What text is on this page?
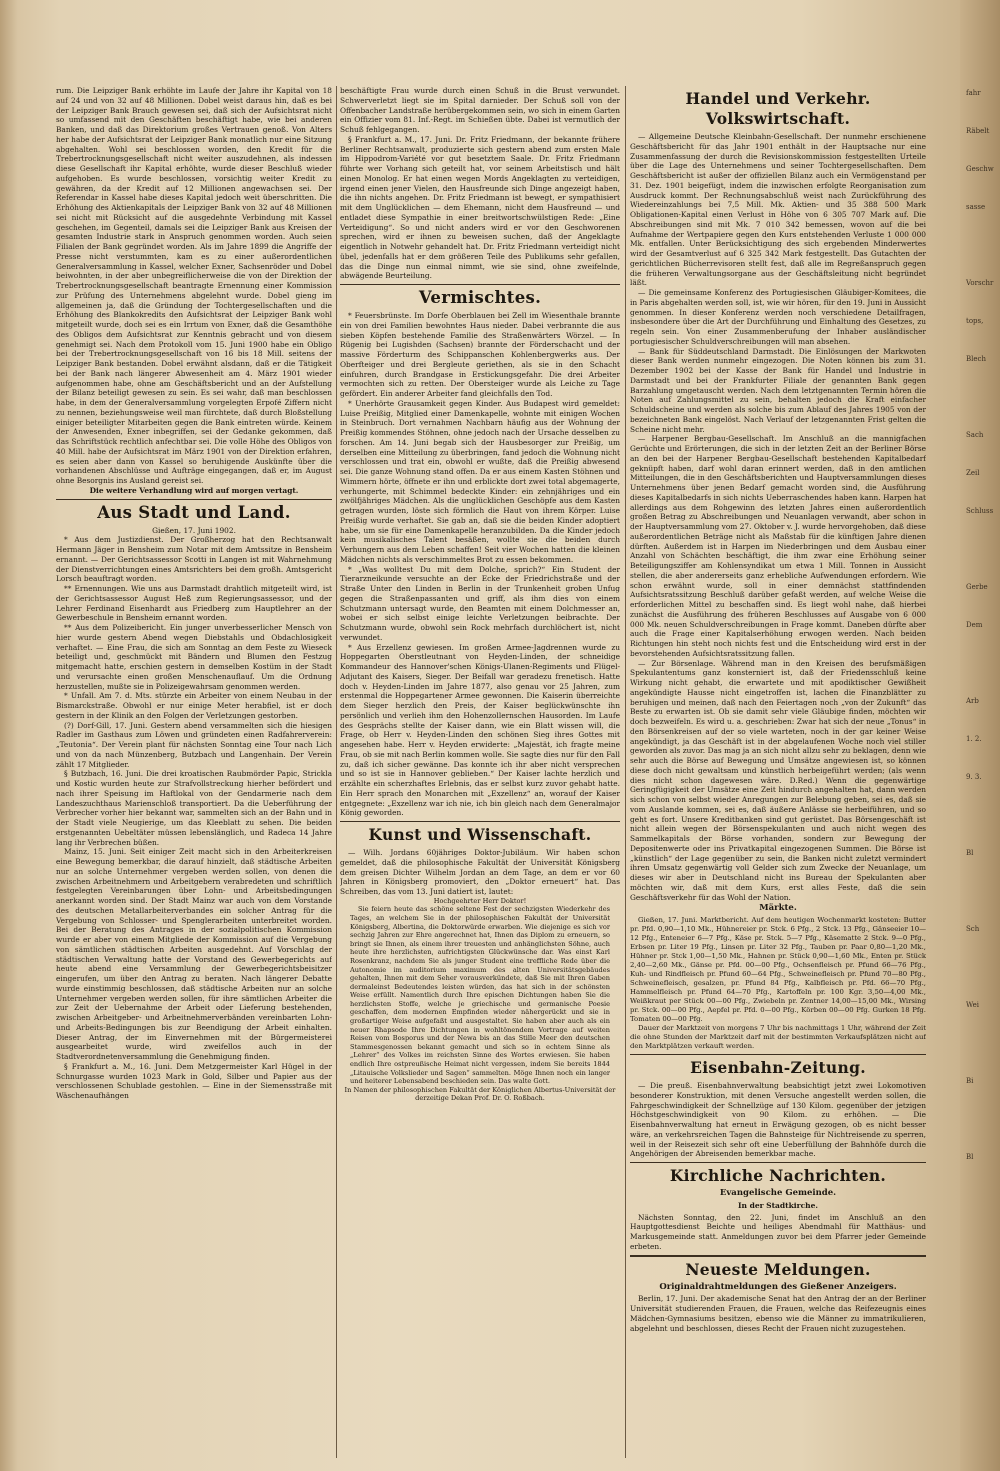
rum. Die Leipziger Bank erhöhte im Laufe der Jahre ihr Kapital von 18 auf 24 und von 32 auf 48 Millionen. Dobel weist daraus hin, daß es bei der Leipziger Bank Brauch gewesen sei, daß sich der Aufsichtsrat nicht so umfassend mit den Geschäften beschäftigt habe, wie bei anderen Banken, und daß das Direktorium großes Vertrauen genoß. Von Alters her habe der Aufsichtsrat der Leipziger Bank monatlich nur eine Sitzung abgehalten. Wohl sei beschlossen worden, den Kredit für die Trebertrocknungsgesellschaft nicht weiter auszudehnen, als indessen diese Gesellschaft ihr Kapital erhöhte, wurde dieser Beschluß wieder aufgehoben. Es wurde beschlossen, vorsichtig weiter Kredit zu gewähren, da der Kredit auf 12 Millionen angewachsen sei. Der Referendar in Kassel habe dieses Kapital jedoch weit überschritten. Die Erhöhung des Aktienkapitals der Leipziger Bank von 32 auf 48 Millionen sei nicht mit Rücksicht auf die ausgedehnte Verbindung mit Kassel geschehen, im Gegenteil, damals sei die Leipziger Bank aus Kreisen der gesamten Industrie stark in Anspruch genommen worden. Auch seien Filialen der Bank gegründet worden. Als im Jahre 1899 die Angriffe der Presse nicht verstummten, kam es zu einer außerordentlichen Generalversammlung in Kassel, welcher Exner, Sachsenröder und Dobel beiwohnten, in der aber unbegreiflicherweise die von der Direktion der Trebertrocknungsgesellschaft beantragte Ernennung einer Kommission zur Prüfung des Unternehmens abgelehnt wurde. Dobel gieng im allgemeinen ja, daß die Gründung der Tochtergesellschaften und die Erhöhung des Blankokredits den Aufsichtsrat der Leipziger Bank wohl mitgeteilt wurde, doch sei es ein Irrtum von Exner, daß die Gesamthöhe des Obligos dem Aufsichtsrat zur Kenntnis gebracht und von diesem genehmigt sei. Nach dem Protokoll vom 15. Juni 1900 habe ein Obligo bei der Trebertrocknungsgesellschaft von 16 bis 18 Mill. seitens der Leipziger Bank bestanden. Dobel erwähnt alsdann, daß er die Tätigkeit bei der Bank nach längerer Abwesenheit am 4. März 1901 wieder aufgenommen habe, ohne am Geschäftsbericht und an der Aufstellung der Bilanz beteiligt gewesen zu sein. Es sei wahr, daß man beschlossen habe, in dem der Generalversammlung vorgelegten Erpofé Ziffern nicht zu nennen, beziehungsweise weil man fürchtete, daß durch Bloßstellung einiger beteiligter Mitarbeiten gegen die Bank eintreten würde. Keinem der Anwesenden, Exner inbegriffen, sei der Gedanke gekommen, daß das Schriftstück rechtlich anfechtbar sei. Die volle Höhe des Obligos von 40 Mill. habe der Aufsichtsrat im März 1901 von der Direktion erfahren, es seien aber dann von Kassel so beruhigende Auskünfte über die vorhandenen Abschlüsse und Aufträge eingegangen, daß er, im August ohne Besorgnis ins Ausland gereist sei.

Die weitere Verhandlung wird auf morgen vertagt.

Aus Stadt und Land.

Gießen, 17. Juni 1902.

* Aus dem Justizdienst. Der Großherzog hat den Rechtsanwalt Hermann Jäger in Bensheim zum Notar mit dem Amtssitze in Bensheim ernannt. — Der Gerichtsassessor Scotti in Langen ist mit Wahrnehmung der Dienstverrichtungen eines Amtsrichters bei dem großh. Amtsgericht Lorsch beauftragt worden.

** Ernennungen. Wie uns aus Darmstadt drahtlich mitgeteilt wird, ist der Gerichtsassessor August Heß zum Regierungsassessor, und der Lehrer Ferdinand Eisenhardt aus Friedberg zum Hauptlehrer an der Gewerbeschule in Bensheim ernannt worden.

** Aus dem Polizeibericht. Ein junger unverbesserlicher Mensch von hier wurde gestern Abend wegen Diebstahls und Obdachlosigkeit verhaftet. — Eine Frau, die sich am Sonntag an dem Feste zu Wieseck beteiligt und, geschmückt mit Bändern und Blumen den Festzug mitgemacht hatte, erschien gestern in demselben Kostüm in der Stadt und verursachte einen großen Menschenauflauf. Um die Ordnung herzustellen, mußte sie in Polizeigewahrsam genommen werden.

* Unfall. Am 7. d. Mts. stürzte ein Arbeiter von einem Neubau in der Bismarckstraße. Obwohl er nur einige Meter herabfiel, ist er doch gestern in der Klinik an den Folgen der Verletzungen gestorben.

(?) Dorf-Gill, 17. Juni. Gestern abend versammelten sich die hiesigen Radler im Gasthaus zum Löwen und gründeten einen Radfahrerverein: „Teutonia“. Der Verein plant für nächsten Sonntag eine Tour nach Lich und von da nach Münzenberg, Butzbach und Langenhain. Der Verein zählt 17 Mitglieder.

§ Butzbach, 16. Juni. Die drei kroatischen Raubmörder Papic, Strickla und Kostic wurden heute zur Strafvollstreckung hierher befördert und nach ihrer Speisung im Haftlokal von der Gendarmerie nach dem Landeszuchthaus Marienschloß transportiert. Da die Ueberführung der Verbrecher vorher hier bekannt war, sammelten sich an der Bahn und in der Stadt viele Neugierige, um das Kleeblatt zu sehen. Die beiden erstgenannten Uebeltäter müssen lebenslänglich, und Radeca 14 Jahre lang ihr Verbrechen büßen.

Mainz, 15. Juni. Seit einiger Zeit macht sich in den Arbeiterkreisen eine Bewegung bemerkbar, die darauf hinzielt, daß städtische Arbeiten nur an solche Unternehmer vergeben werden sollen, von denen die zwischen Arbeitnehmern und Arbeitgebern verabredeten und schriftlich festgelegten Vereinbarungen über Lohn- und Arbeitsbedingungen anerkannt worden sind. Der Stadt Mainz war auch von dem Vorstande des deutschen Metallarbeiterverbandes ein solcher Antrag für die Vergebung von Schlosser- und Spenglerarbeiten unterbreitet worden. Bei der Beratung des Antrages in der sozialpolitischen Kommission wurde er aber von einem Mitgliede der Kommission auf die Vergebung von sämtlichen städtischen Arbeiten ausgedehnt. Auf Vorschlag der städtischen Verwaltung hatte der Vorstand des Gewerbegerichts auf heute abend eine Versammlung der Gewerbegerichtsbeisitzer eingerufen, um über den Antrag zu beraten. Nach längerer Debatte wurde einstimmig beschlossen, daß städtische Arbeiten nur an solche Unternehmer vergeben werden sollen, für ihre sämtlichen Arbeiter die zur Zeit der Uebernahme der Arbeit oder Lieferung bestehenden, zwischen Arbeitgeber- und Arbeitnehmerverbänden vereinbarten Lohn- und Arbeits-Bedingungen bis zur Beendigung der Arbeit einhalten. Dieser Antrag, der im Einvernehmen mit der Bürgermeisterei ausgearbeitet wurde, wird zweifellos auch in der Stadtverordnetenversammlung die Genehmigung finden.

§ Frankfurt a. M., 16. Juni. Dem Metzgermeister Karl Hügel in der Schnurgasse wurden 1023 Mark in Gold, Silber und Papier aus der verschlossenen Schublade gestohlen. — Eine in der Siemensstraße mit Wäschenaufhängen

beschäftigte Frau wurde durch einen Schuß in die Brust verwundet. Schwerverletzt liegt sie im Spital darnieder. Der Schuß soll von der Offenbacher Landstraße herübergekommen sein, wo sich in einem Garten ein Offizier vom 81. Inf.-Regt. im Schießen übte. Dabei ist vermutlich der Schuß fehlgegangen.

§ Frankfurt a. M., 17. Juni. Dr. Fritz Friedmann, der bekannte frühere Berliner Rechtsanwalt, produzierte sich gestern abend zum ersten Male im Hippodrom-Variété vor gut besetztem Saale. Dr. Fritz Friedmann führte wer Vorhang sich geteilt hat, vor seinem Arbeitstisch und hält einen Monolog. Er hat einen wegen Mords Angeklagten zu verteidigen, irgend einen jener Vielen, den Hausfreunde sich Dinge angezeigt haben, die ihn nichts angehen. Dr. Fritz Friedmann ist bewegt, er sympathisiert mit dem Unglücklichen — dem Ehemann, nicht dem Hausfreund — und entladet diese Sympathie in einer breitwortschwülstigen Rede: „Eine Verteidigung“. So und nicht anders wird er vor den Geschworenen sprechen, wird er ihnen zu beweisen suchen, daß der Angeklagte eigentlich in Notwehr gehandelt hat. Dr. Fritz Friedmann verteidigt nicht übel, jedenfalls hat er dem größeren Teile des Publikums sehr gefallen, das die Dinge nun einmal nimmt, wie sie sind, ohne zweifelnde, abwägende Beurteilung.

Vermischtes.

* Feuersbrünste. Im Dorfe Oberblauen bei Zell im Wiesenthale brannte ein von drei Familien bewohntes Haus nieder. Dabei verbrannte die aus sieben Köpfen bestehende Familie des Straßenwärters Wörzel. — In Rügenig bei Lugishden (Sachsen) brannte der Förderschacht und der massive Förderturm des Schippanschen Kohlenbergwerks aus. Der Oberfteiger und drei Bergleute geriethen, als sie in den Schacht einfuhren, durch Brandgase in Erstickungsgefahr. Die drei Arbeiter vermochten sich zu retten. Der Obersteiger wurde als Leiche zu Tage gefördert. Ein anderer Arbeiter fand gleichfalls den Tod.

* Unerhörte Grausamkeit gegen Kinder. Aus Budapest wird gemeldet: Luise Preißig, Mitglied einer Damenkapelle, wohnte mit einigen Wochen in Steinbruch. Dort vernahmen Nachbarn häufig aus der Wohnung der Preißig kommendes Stöhnen, ohne jedoch nach der Ursache desselben zu forschen. Am 14. Juni begab sich der Hausbesorger zur Preißig, um derselben eine Mitteilung zu überbringen, fand jedoch die Wohnung nicht verschlossen und trat ein, obwohl er wußte, daß die Preißig abwesend sei. Die ganze Wohnung stand offen. Da er aus einem Kasten Stöhnen und Wimmern hörte, öffnete er ihn und erblickte dort zwei total abgemagerte, verhungerte, mit Schimmel bedeckte Kinder: ein zehnjähriges und ein zwölfjähriges Mädchen. Als die unglücklichen Geschöpfe aus dem Kasten getragen wurden, löste sich förmlich die Haut von ihrem Körper. Luise Preißig wurde verhaftet. Sie gab an, daß sie die beiden Kinder adoptiert habe, um sie für eine Damenkapelle heranzubilden. Da die Kinder jedoch kein musikalisches Talent besäßen, wollte sie die beiden durch Verhungern aus dem Leben schaffen! Seit vier Wochen hatten die kleinen Mädchen nichts als verschimmeltes Brot zu essen bekommen.

* „Was wolltest Du mit dem Dolche, sprich?“ Ein Student der Tierarzneikunde versuchte an der Ecke der Friedrichstraße und der Straße Unter den Linden in Berlin in der Trunkenheit groben Unfug gegen die Straßenpassanten und griff, als ihm dies von einem Schutzmann untersagt wurde, den Beamten mit einem Dolchmesser an, wobei er sich selbst einige leichte Verletzungen beibrachte. Der Schutzmann wurde, obwohl sein Rock mehrfach durchlöchert ist, nicht verwundet.

* Aus Erzellenz gewiesen. Im großen Armee-Jagdrennen wurde zu Hoppegarten Oberstleutnant von Heyden-Linden, der schneidige Kommandeur des Hannover'schen Königs-Ulanen-Regiments und Flügel-Adjutant des Kaisers, Sieger. Der Beifall war geradezu frenetisch. Hatte doch v. Heyden-Linden im Jahre 1877, also genau vor 25 Jahren, zum erstenmal die Hoppegartener Armee gewonnen. Die Kaiserin überreichte dem Sieger herzlich den Preis, der Kaiser beglückwünschte ihn persönlich und verlieh ihm den Hohenzollernschen Hausorden. Im Laufe des Gesprächs stellte der Kaiser dann, wie ein Blatt wissen will, die Frage, ob Herr v. Heyden-Linden den schönen Sieg ihres Gottes mit angesehen habe. Herr v. Heyden erwiderte: „Majestät, ich fragte meine Frau, ob sie mit nach Berlin kommen wolle. Sie sagte dies nur für den Fall zu, daß ich sicher gewänne. Das konnte ich ihr aber nicht versprechen und so ist sie in Hannover geblieben.“ Der Kaiser lachte herzlich und erzählte ein scherzhaftes Erlebnis, das er selbst kurz zuvor gehabt hatte. Ein Herr sprach den Monarchen mit „Exzellenz“ an, worauf der Kaiser entgegnete: „Exzellenz war ich nie, ich bin gleich nach dem Generalmajor König geworden.

Kunst und Wissenschaft.

— Wilh. Jordans 60jähriges Doktor-Jubiläum. Wir haben schon gemeldet, daß die philosophische Fakultät der Universität Königsberg dem greisen Dichter Wilhelm Jordan an dem Tage, an dem er vor 60 Jahren in Königsberg promoviert, den „Doktor erneuert“ hat. Das Schreiben, das vom 13. Juni datiert ist, lautet:

Hochgeehrter Herr Doktor!

Sie feiern heute das schöne seltene Fest der sechzigsten Wiederkehr des Tages, an welchem Sie in der philosophischen Fakultät der Universität Königsberg, Albertina, die Doktorwürde erwarben. Wie diejenige es sich vor sechzig Jahren zur Ehre angerechnet hat, Ihnen das Diplom zu erneuern, so bringt sie Ihnen, als einem ihrer treuesten und anhänglichsten Söhne, auch heute ihre herzlichsten, aufrichtigsten Glückwünsche dar. Was einst Karl Rosenkranz, nachdem Sie als junger Student eine treffliche Rede über die Autonomie im auditorium maximum des alten Universitätsgebäudes gehalten, Ihnen mit dem Seher vorausverkündete, daß Sie mit Ihren Gaben dermaleinst Bedeutendes leisten würden, das hat sich in der schönsten Weise erfüllt. Namentlich durch Ihre epischen Dichtungen haben Sie die herzlichsten Stoffe, welche je griechische und germanische Poesie geschaffen, dem modernen Empfinden wieder nähergerückt und sie in großartiger Weise aufgefaßt und ausgestaltet. Sie haben aber auch als ein neuer Rhapsode Ihre Dichtungen in wohltönendem Vortrage auf weiten Reisen vom Bosporus und der Newa bis an das Stille Meer den deutschen Stammesgenossen bekannt gemacht und sich so in echtem Sinne als „Lehrer“ des Volkes im reichsten Sinne des Wortes erwiesen. Sie haben endlich Ihre ostpreußische Heimat nicht vergessen, indem Sie bereits 1844 „Litauische Volkslieder und Sagen“ sammelten. Möge Ihnen noch ein langer und heiterer Lebensabend beschieden sein. Das walte Gott.

In Namen der philosophischen Fakultät der Königlichen Albertus-Universität der derzeitige Dekan Prof. Dr. O. Roßbach.

Handel und Verkehr. Volkswirtschaft.

— Allgemeine Deutsche Kleinbahn-Gesellschaft. Der nunmehr erschienene Geschäftsbericht für das Jahr 1901 enthält in der Hauptsache nur eine Zusammenfassung der durch die Revisionskommission festgestellten Urteile über die Lage des Unternehmens und seiner Tochtergesellschaften. Dem Geschäftsbericht ist außer der offiziellen Bilanz auch ein Vermögenstand per 31. Dez. 1901 beigefügt, indem die inzwischen erfolgte Reorganisation zum Ausdruck kommt. Der Rechnungsabschluß weist nach Zurückführung des Wiedereinzahlungs bei 7,5 Mill. Mk. Aktien- und 35 388 500 Mark Obligationen-Kapital einen Verlust in Höhe von 6 305 707 Mark auf. Die Abschreibungen sind mit Mk. 7 010 342 bemessen, wovon auf die bei Aufnahme der Wertpapiere gegen den Kurs entstehenden Verluste 1 000 000 Mk. entfallen. Unter Berücksichtigung des sich ergebenden Minderwertes wird der Gesamtverlust auf 6 325 342 Mark festgestellt. Das Gutachten der gerichtlichen Bücherrevisoren stellt fest, daß alle im Regreßanspruch gegen die früheren Verwaltungsorgane aus der Geschäftsleitung nicht begründet läßt.

— Die gemeinsame Konferenz des Portugiesischen Gläubiger-Komitees, die in Paris abgehalten werden soll, ist, wie wir hören, für den 19. Juni in Aussicht genommen. In dieser Konferenz werden noch verschiedene Detailfragen, insbesondere über die Art der Durchführung und Einhaltung des Gesetzes, zu regeln sein. Von einer Zusammenberufung der Inhaber ausländischer portugiesischer Schuldverschreibungen will man absehen.

— Bank für Süddeutschland Darmstadt. Die Einlösungen der Markwoten dieser Bank werden nunmehr eingezogen. Die Noten können bis zum 31. Dezember 1902 bei der Kasse der Bank für Handel und Industrie in Darmstadt und bei der Frankfurter Filiale der genannten Bank gegen Barzahlung umgetauscht werden. Nach dem letztgenannten Termin hören die Noten auf Zahlungsmittel zu sein, behalten jedoch die Kraft einfacher Schuldscheine und werden als solche bis zum Ablauf des Jahres 1905 von der bezeichneten Bank eingelöst. Nach Verlauf der letzgenannten Frist gelten die Scheine nicht mehr.

— Harpener Bergbau-Gesellschaft. Im Anschluß an die mannigfachen Gerüchte und Erörterungen, die sich in der letzten Zeit an der Berliner Börse an den bei der Harpener Bergbau-Gesellschaft bestehenden Kapitalbedarf geknüpft haben, darf wohl daran erinnert werden, daß in den amtlichen Mitteilungen, die in den Geschäftsberichten und Hauptversammlungen dieses Unternehmens über jenen Bedarf gemacht worden sind, die Ausführung dieses Kapitalbedarfs in sich nichts Ueberraschendes haben kann. Harpen hat allerdings aus dem Rohgewinn des letzten Jahres einen außerordentlich großen Betrag zu Abschreibungen und Neuanlagen verwandt, aber schon in der Hauptversammlung vom 27. Oktober v. J. wurde hervorgehoben, daß diese außerordentlichen Beträge nicht als Maßstab für die künftigen Jahre dienen dürften. Außerdem ist in Harpen im Niederbringen und dem Ausbau einer Anzahl von Schächten beschäftigt, die ihm zwar eine Erhöhung seiner Beteiligungsziffer am Kohlensyndikat um etwa 1 Mill. Tonnen in Aussicht stellen, die aber andererseits ganz erhebliche Aufwendungen erfordern. Wie schon erwähnt wurde, soll in einer demnächst stattfindenden Aufsichtsratssitzung Beschluß darüber gefaßt werden, auf welche Weise die erforderlichen Mittel zu beschaffen sind. Es liegt wohl nahe, daß hierbei zunächst die Ausführung des früheren Beschlusses auf Ausgabe von 6 000 000 Mk. neuen Schuldverschreibungen in Frage kommt. Daneben dürfte aber auch die Frage einer Kapitalserhöhung erwogen werden. Nach beiden Richtungen hin steht noch nichts fest und die Entscheidung wird erst in der bevorstehenden Aufsichtsratssitzung fallen.

— Zur Börsenlage. Während man in den Kreisen des berufsmäßigen Spekulantentums ganz konsterniert ist, daß der Friedensschluß keine Wirkung nicht gehabt, die erwartete und mit apodiktischer Gewißheit angekündigte Hausse nicht eingetroffen ist, lachen die Finanzblätter zu beruhigen und meinen, daß nach den Feiertagen noch „von der Zukunft“ das Beste zu erwarten ist. Ob sie damit sehr viele Gläubige finden, möchten wir doch bezweifeln. Es wird u. a. geschrieben: Zwar hat sich der neue „Tonus“ in den Börsenkreisen auf der so viele warteten, noch in der gar keiner Weise angekündigt, ja das Geschäft ist in der abgelaufenen Woche noch viel stiller geworden als zuvor. Das mag ja an sich nicht allzu sehr zu beklagen, denn wie sehr auch die Börse auf Bewegung und Umsätze angewiesen ist, so können diese doch nicht gewaltsam und künstlich herbeigeführt werden; (als wenn dies nicht schon dagewesen wäre. D.Red.) Wenn die gegenwärtige Geringfügigkeit der Umsätze eine Zeit hindurch angehalten hat, dann werden sich schon von selbst wieder Anregungen zur Belebung geben, sei es, daß sie vom Auslande kommen, sei es, daß äußere Anlässe sie herbeiführen, und so geht es fort. Unsere Kreditbanken sind gut gerüstet. Das Börsengeschäft ist nicht allein wegen der Börsenspekulanten und auch nicht wegen des Sammelkapitals der Börse vorhanden, sondern zur Bewegung der Depositenwerte oder ins Privatkapital eingezogenen Summen. Die Börse ist „künstlich“ der Lage gegenüber zu sein, die Banken nicht zuletzt vermindert ihren Umsatz gegenwärtig voll Gelder sich zum Zwecke der Neuanlage, um dieses wir aber in Deutschland nicht ins Bureau der Spekulanten aber möchten wir, daß mit dem Kurs, erst alles Feste, daß die sein Geschäftsverkehr für das Wohl der Nation.

Märkte.

Gießen, 17. Juni. Marktbericht. Auf dem heutigen Wochenmarkt kosteten: Butter pr. Pfd. 0,90—1,10 Mk., Hühnereier pr. Stck. 6 Pfg., 2 Stck. 13 Pfg., Gänseeier 10—12 Pfg., Enteneier 6—7 Pfg., Käse pr. Stck. 5—7 Pfg., Käsematte 2 Stck. 9—0 Pfg., Erbsen pr. Liter 19 Pfg., Linsen pr. Liter 32 Pfg., Tauben pr. Paar 0,80—1,20 Mk., Hühner pr. Stck 1,00—1,50 Mk., Hahnen pr. Stück 0,90—1,60 Mk., Enten pr. Stück 2,40—2,60 Mk., Gänse pr. Pfd. 00—00 Pfg., Ochsenfleisch pr. Pfund 66—76 Pfg., Kuh- und Rindfleisch pr. Pfund 60—64 Pfg., Schweinefleisch pr. Pfund 70—80 Pfg., Schweinefleisch, gesalzen, pr. Pfund 84 Pfg., Kalbfleisch pr. Pfd. 66—70 Pfg., Hammelfleisch pr. Pfund 64—70 Pfg., Kartoffeln pr. 100 Kgr. 3,50—4,00 Mk., Weißkraut per Stück 00—00 Pfg., Zwiebeln pr. Zentner 14,00—15,00 Mk., Wirsing pr. Stck. 00—00 Pfg., Aepfel pr. Pfd. 0—00 Pfg., Körben 00—00 Pfg. Gurken 18 Pfg. Tomaten 00—00 Pfg.

Dauer der Marktzeit von morgens 7 Uhr bis nachmittags 1 Uhr, während der Zeit die ohne Stunden der Marktzeit darf mit der bestimmten Verkaufsplätzen nicht auf den Marktplätzen verkauft werden.

Eisenbahn-Zeitung.

— Die preuß. Eisenbahnverwaltung beabsichtigt jetzt zwei Lokomotiven besonderer Konstruktion, mit denen Versuche angestellt werden sollen, die Fahrgeschwindigkeit der Schnellzüge auf 130 Kilom. gegenüber der jetzigen Höchstgeschwindigkeit von 90 Kilom. zu erhöhen. — Die Eisenbahnverwaltung hat erneut in Erwägung gezogen, ob es nicht besser wäre, an verkehrsreichen Tagen die Bahnsteige für Nichtreisende zu sperren, weil in der Reisezeit sich sehr oft eine Ueberfüllung der Bahnhöfe durch die Angehörigen der Abreisenden bemerkbar mache.

Kirchliche Nachrichten.
Evangelische Gemeinde.
In der Stadtkirche.

Nächsten Sonntag, den 22. Juni, findet im Anschluß an den Hauptgottesdienst Beichte und heiliges Abendmahl für Matthäus- und Markusgemeinde statt. Anmeldungen zuvor bei dem Pfarrer jeder Gemeinde erbeten.

Neueste Meldungen.
Originaldrahtmeldungen des Gießener Anzeigers.

Berlin, 17. Juni. Der akademische Senat hat den Antrag der an der Berliner Universität studierenden Frauen, die Frauen, welche das Reifezeugnis eines Mädchen-Gymnasiums besitzen, ebenso wie die Männer zu immatrikulieren, abgelehnt und beschlossen, dieses Recht der Frauen nicht zuzugestehen.

fahr
Räbelt
Geschw
sasse

Vorschr
tops,
Blech

Sach
Zeil
Schluss

Gerbe
Dem

Arb
1. 2.
9. 3.

Bl

Sch

Wei

Bi

Bl
